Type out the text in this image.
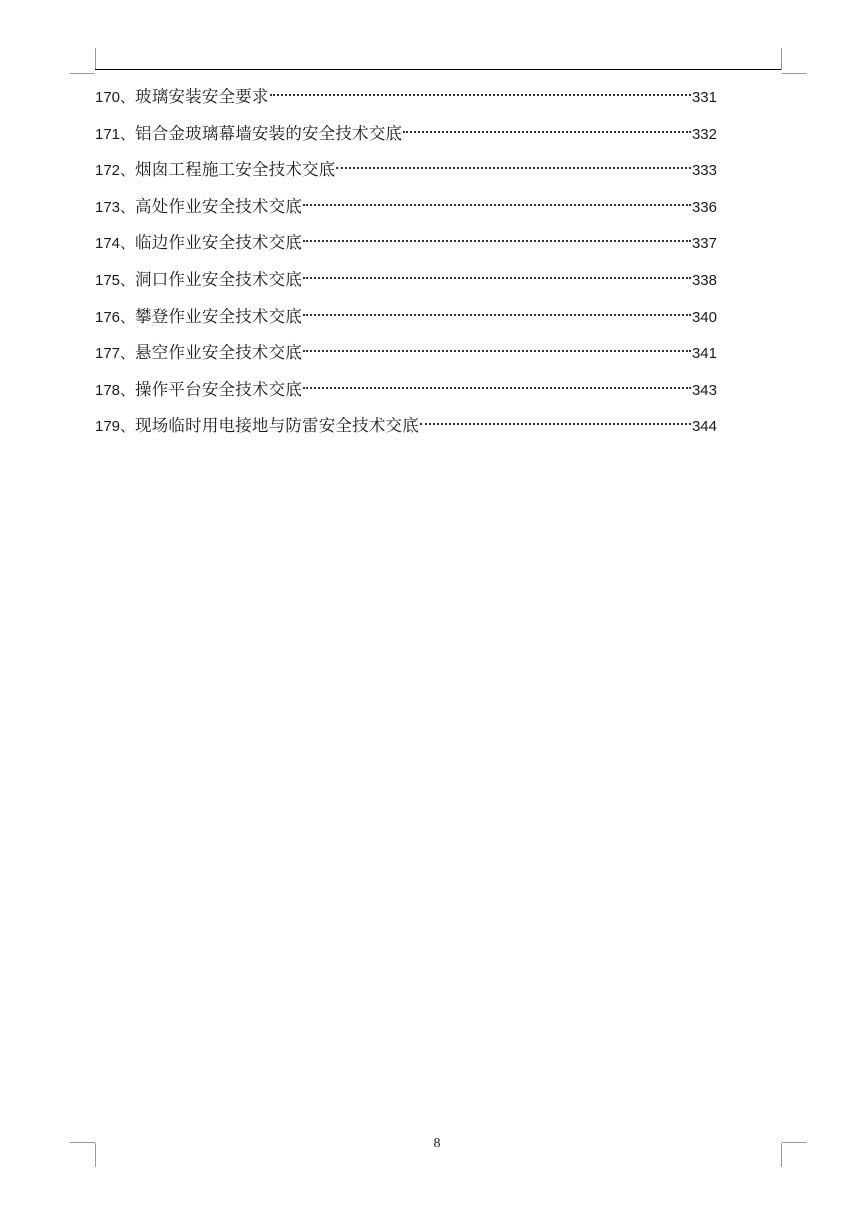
170、 玻璃安装安全要求	331
171、 铝合金玻璃幕墙安装的安全技术交底	332
172、 烟囱工程施工安全技术交底	333
173、 高处作业安全技术交底	336
174、 临边作业安全技术交底	337
175、 洞口作业安全技术交底	338
176、 攀登作业安全技术交底	340
177、 悬空作业安全技术交底	341
178、 操作平台安全技术交底	343
179、 现场临时用电接地与防雷安全技术交底	344
8
